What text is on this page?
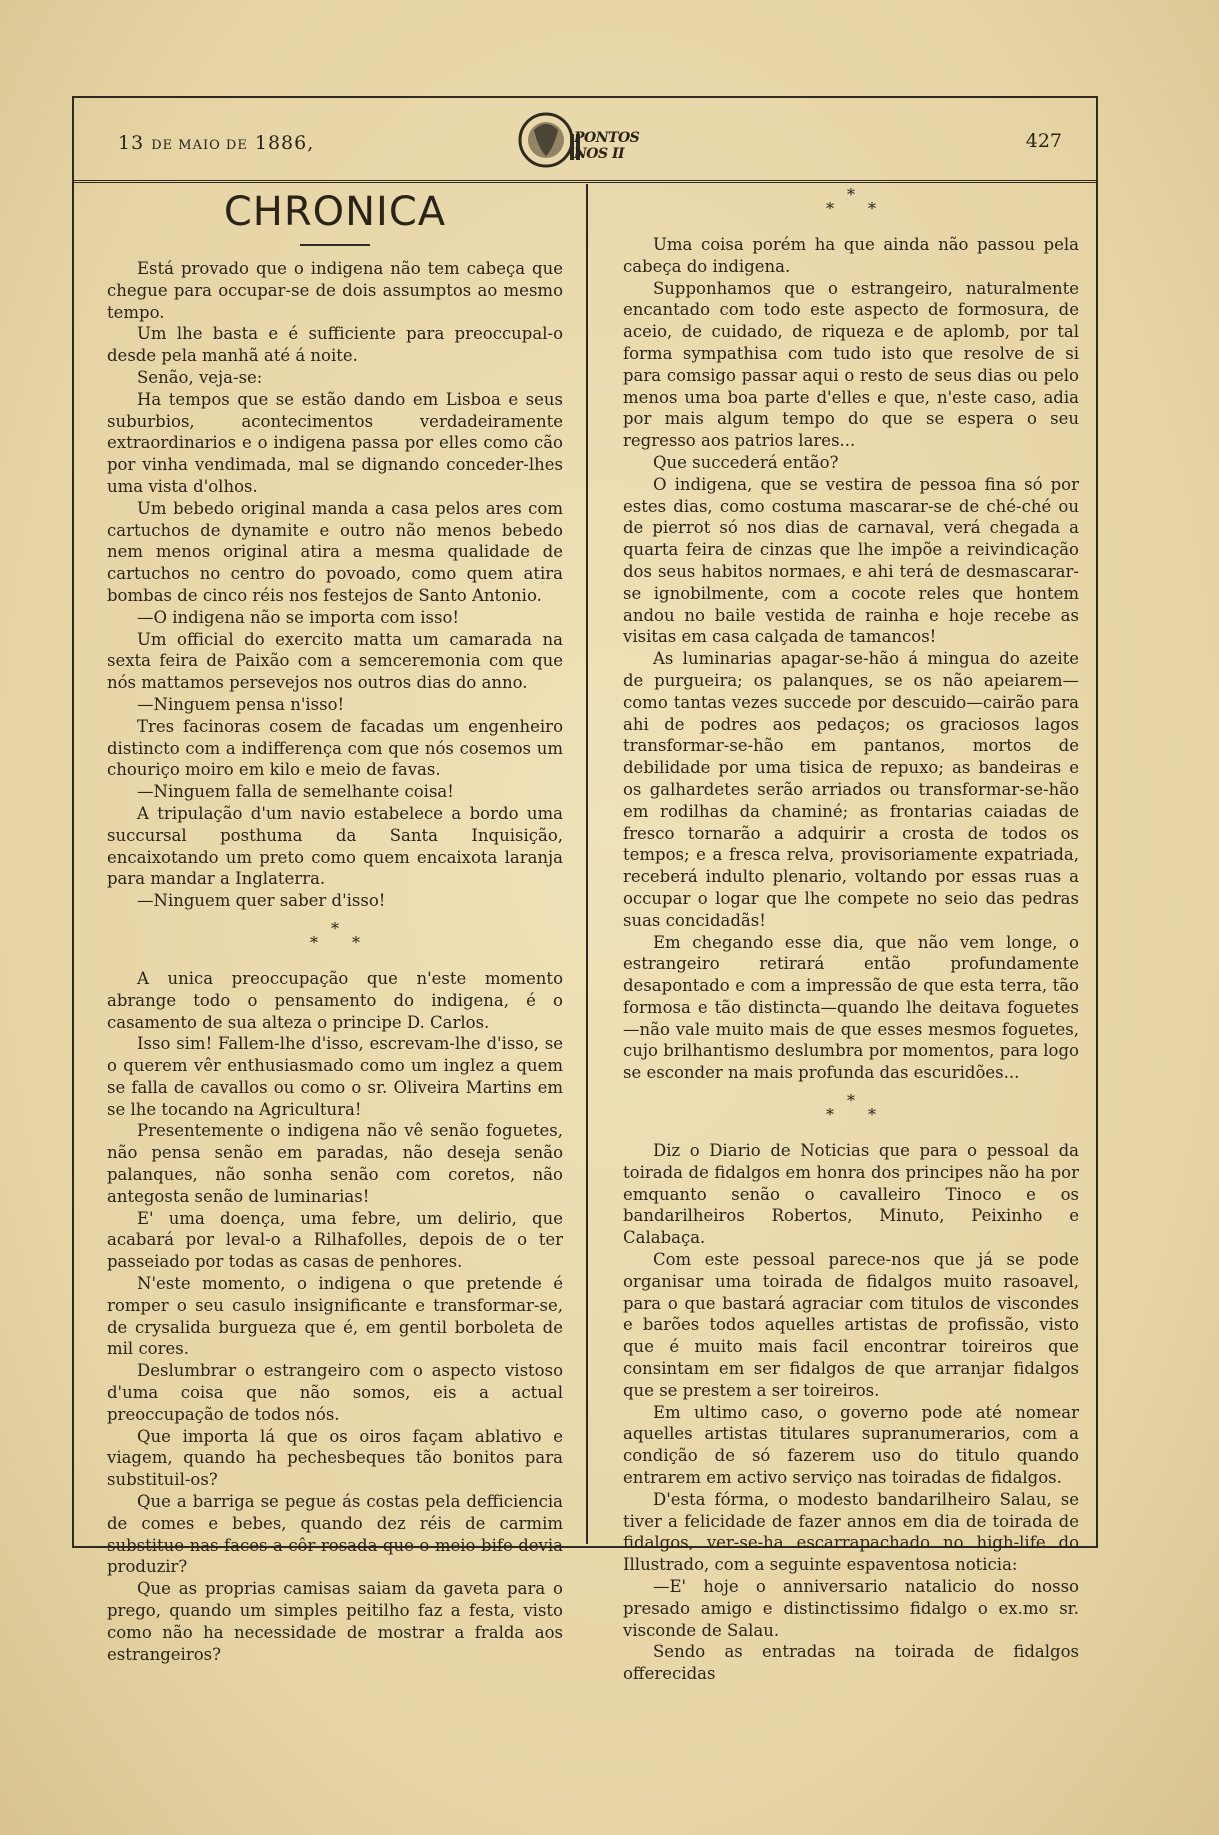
13 DE MAIO DE 1886,	PONTOS NOS II
427
CHRONICA

Está provado que o indigena não tem cabeça que chegue para occupar-se de dois assumptos ao mesmo tempo.

Um lhe basta e é sufficiente para preoccupal-o desde pela manhã até á noite.

Senão, veja-se:

Ha tempos que se estão dando em Lisboa e seus suburbios, acontecimentos verdadeiramente extraordinarios e o indigena passa por elles como cão por vinha vendimada, mal se dignando conceder-lhes uma vista d'olhos.

Um bebedo original manda a casa pelos ares com cartuchos de dynamite e outro não menos bebedo nem menos original atira a mesma qualidade de cartuchos no centro do povoado, como quem atira bombas de cinco réis nos festejos de Santo Antonio.

—O indigena não se importa com isso!

Um official do exercito matta um camarada na sexta feira de Paixão com a semceremonia com que nós mattamos persevejos nos outros dias do anno.

—Ninguem pensa n'isso!

Tres facinoras cosem de facadas um engenheiro distincto com a indifferença com que nós cosemos um chouriço moiro em kilo e meio de favas.

—Ninguem falla de semelhante coisa!

A tripulação d'um navio estabelece a bordo uma succursal posthuma da Santa Inquisição, encaixotando um preto como quem encaixota laranja para mandar a Inglaterra.

—Ninguem quer saber d'isso!

*
**

A unica preoccupação que n'este momento abrange todo o pensamento do indigena, é o casamento de sua alteza o principe D. Carlos.

Isso sim! Fallem-lhe d'isso, escrevam-lhe d'isso, se o querem vêr enthusiasmado como um inglez a quem se falla de cavallos ou como o sr. Oliveira Martins em se lhe tocando na Agricultura!

Presentemente o indigena não vê senão foguetes, não pensa senão em paradas, não deseja senão palanques, não sonha senão com coretos, não antegosta senão de luminarias!

E' uma doença, uma febre, um delirio, que acabará por leval-o a Rilhafolles, depois de o ter passeiado por todas as casas de penhores.

N'este momento, o indigena o que pretende é romper o seu casulo insignificante e transformar-se, de crysalida burgueza que é, em gentil borboleta de mil cores.

Deslumbrar o estrangeiro com o aspecto vistoso d'uma coisa que não somos, eis a actual preoccupação de todos nós.

Que importa lá que os oiros façam ablativo e viagem, quando ha pechesbeques tão bonitos para substituil-os?

Que a barriga se pegue ás costas pela defficiencia de comes e bebes, quando dez réis de carmim substitue nas faces a côr rosada que o meio bife devia produzir?

Que as proprias camisas saiam da gaveta para o prego, quando um simples peitilho faz a festa, visto como não ha necessidade de mostrar a fralda aos estrangeiros?

*
**

Uma coisa porém ha que ainda não passou pela cabeça do indigena.

Supponhamos que o estrangeiro, naturalmente encantado com todo este aspecto de formosura, de aceio, de cuidado, de riqueza e de aplomb, por tal forma sympathisa com tudo isto que resolve de si para comsigo passar aqui o resto de seus dias ou pelo menos uma boa parte d'elles e que, n'este caso, adia por mais algum tempo do que se espera o seu regresso aos patrios lares...

Que succederá então?

O indigena, que se vestira de pessoa fina só por estes dias, como costuma mascarar-se de ché-ché ou de pierrot só nos dias de carnaval, verá chegada a quarta feira de cinzas que lhe impõe a reivindicação dos seus habitos normaes, e ahi terá de desmascarar-se ignobilmente, com a cocote reles que hontem andou no baile vestida de rainha e hoje recebe as visitas em casa calçada de tamancos!

As luminarias apagar-se-hão á mingua do azeite de purgueira; os palanques, se os não apeiarem—como tantas vezes succede por descuido—cairão para ahi de podres aos pedaços; os graciosos lagos transformar-se-hão em pantanos, mortos de debilidade por uma tisica de repuxo; as bandeiras e os galhardetes serão arriados ou transformar-se-hão em rodilhas da chaminé; as frontarias caiadas de fresco tornarão a adquirir a crosta de todos os tempos; e a fresca relva, provisoriamente expatriada, receberá indulto plenario, voltando por essas ruas a occupar o logar que lhe compete no seio das pedras suas concidadãs!

Em chegando esse dia, que não vem longe, o estrangeiro retirará então profundamente desapontado e com a impressão de que esta terra, tão formosa e tão distincta—quando lhe deitava foguetes—não vale muito mais de que esses mesmos foguetes, cujo brilhantismo deslumbra por momentos, para logo se esconder na mais profunda das escuridões...

*
**

Diz o Diario de Noticias que para o pessoal da toirada de fidalgos em honra dos principes não ha por emquanto senão o cavalleiro Tinoco e os bandarilheiros Robertos, Minuto, Peixinho e Calabaça.

Com este pessoal parece-nos que já se pode organisar uma toirada de fidalgos muito rasoavel, para o que bastará agraciar com titulos de viscondes e barões todos aquelles artistas de profissão, visto que é muito mais facil encontrar toireiros que consintam em ser fidalgos de que arranjar fidalgos que se prestem a ser toireiros.

Em ultimo caso, o governo pode até nomear aquelles artistas titulares supranumerarios, com a condição de só fazerem uso do titulo quando entrarem em activo serviço nas toiradas de fidalgos.

D'esta fórma, o modesto bandarilheiro Salau, se tiver a felicidade de fazer annos em dia de toirada de fidalgos, ver-se-ha escarrapachado no high-life do Illustrado, com a seguinte espaventosa noticia:

—E' hoje o anniversario natalicio do nosso presado amigo e distinctissimo fidalgo o ex.mo sr. visconde de Salau.

Sendo as entradas na toirada de fidalgos offerecidas
